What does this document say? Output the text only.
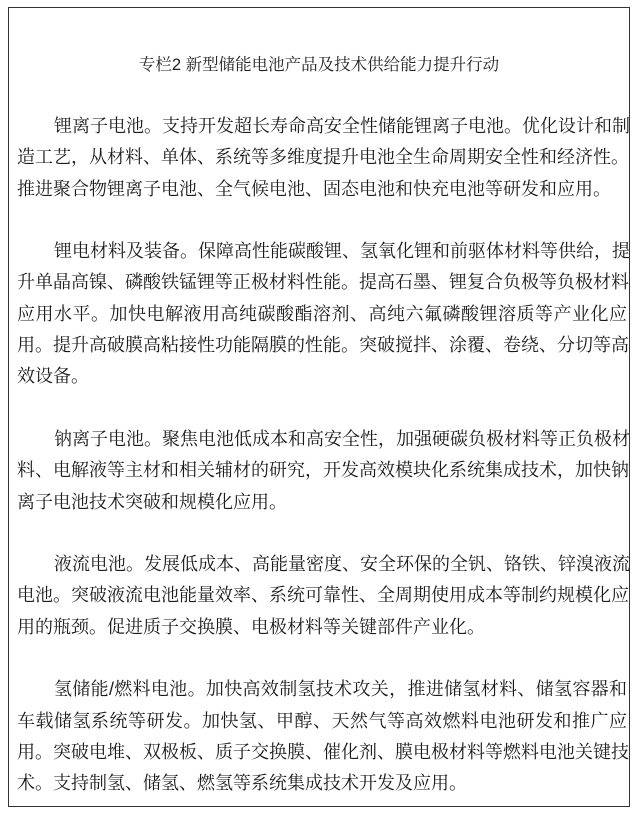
专栏2 新型储能电池产品及技术供给能力提升行动
锂离子电池。支持开发超长寿命高安全性储能锂离子电池。优化设计和制
造工艺，从材料、单体、系统等多维度提升电池全生命周期安全性和经济性。
推进聚合物锂离子电池、全气候电池、固态电池和快充电池等研发和应用。
锂电材料及装备。保障高性能碳酸锂、氢氧化锂和前驱体材料等供给，提
升单晶高镍、磷酸铁锰锂等正极材料性能。提高石墨、锂复合负极等负极材料
应用水平。加快电解液用高纯碳酸酯溶剂、高纯六氟磷酸锂溶质等产业化应
用。提升高破膜高粘接性功能隔膜的性能。突破搅拌、涂覆、卷绕、分切等高
效设备。
钠离子电池。聚焦电池低成本和高安全性，加强硬碳负极材料等正负极材
料、电解液等主材和相关辅材的研究，开发高效模块化系统集成技术，加快钠
离子电池技术突破和规模化应用。
液流电池。发展低成本、高能量密度、安全环保的全钒、铬铁、锌溴液流
电池。突破液流电池能量效率、系统可靠性、全周期使用成本等制约规模化应
用的瓶颈。促进质子交换膜、电极材料等关键部件产业化。
氢储能/燃料电池。加快高效制氢技术攻关，推进储氢材料、储氢容器和
车载储氢系统等研发。加快氢、甲醇、天然气等高效燃料电池研发和推广应
用。突破电堆、双极板、质子交换膜、催化剂、膜电极材料等燃料电池关键技
术。支持制氢、储氢、燃氢等系统集成技术开发及应用。
